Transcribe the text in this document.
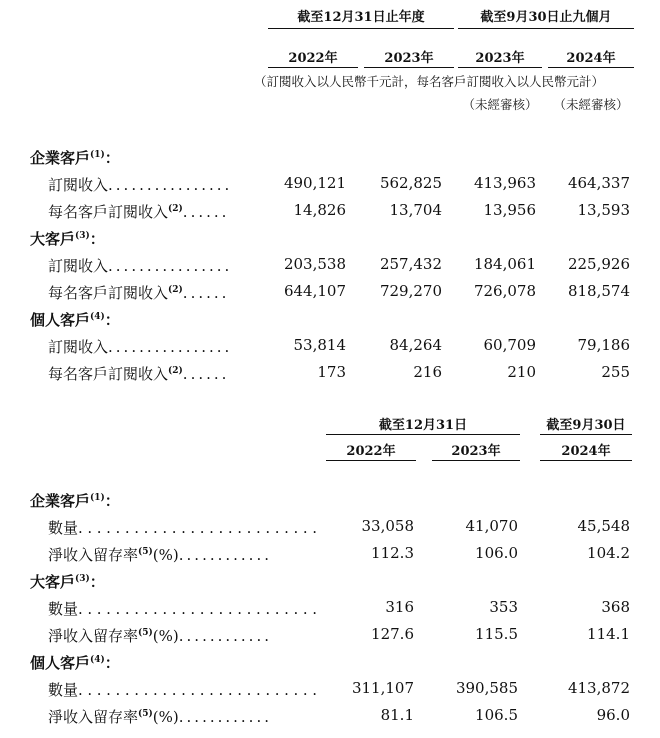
截至12月31日止年度	截至9月30日止九個月
2022年	2023年	2023年	2024年
（訂閱收入以人民幣千元計，每名客戶訂閱收入以人民幣元計）
（未經審核）	（未經審核）
企業客戶$^{(1)}$：
訂閱收入................	490,121	562,825	413,963	464,337
每名客戶訂閱收入$^{(2)}$......	14,826	13,704	13,956	13,593
大客戶$^{(3)}$：
訂閱收入................	203,538	257,432	184,061	225,926
每名客戶訂閱收入$^{(2)}$......	644,107	729,270	726,078	818,574
個人客戶$^{(4)}$：
訂閱收入................	53,814	84,264	60,709	79,186
每名客戶訂閱收入$^{(2)}$......	173	216	210	255
截至12月31日	截至9月30日
2022年	2023年	2024年
企業客戶$^{(1)}$：
數量..........................	33,058	41,070	45,548
淨收入留存率$^{(5)}$(%)............	112.3	106.0	104.2
大客戶$^{(3)}$：
數量..........................	316	353	368
淨收入留存率$^{(5)}$(%)............	127.6	115.5	114.1
個人客戶$^{(4)}$：
數量..........................	311,107	390,585	413,872
淨收入留存率$^{(5)}$(%)............	81.1	106.5	96.0
